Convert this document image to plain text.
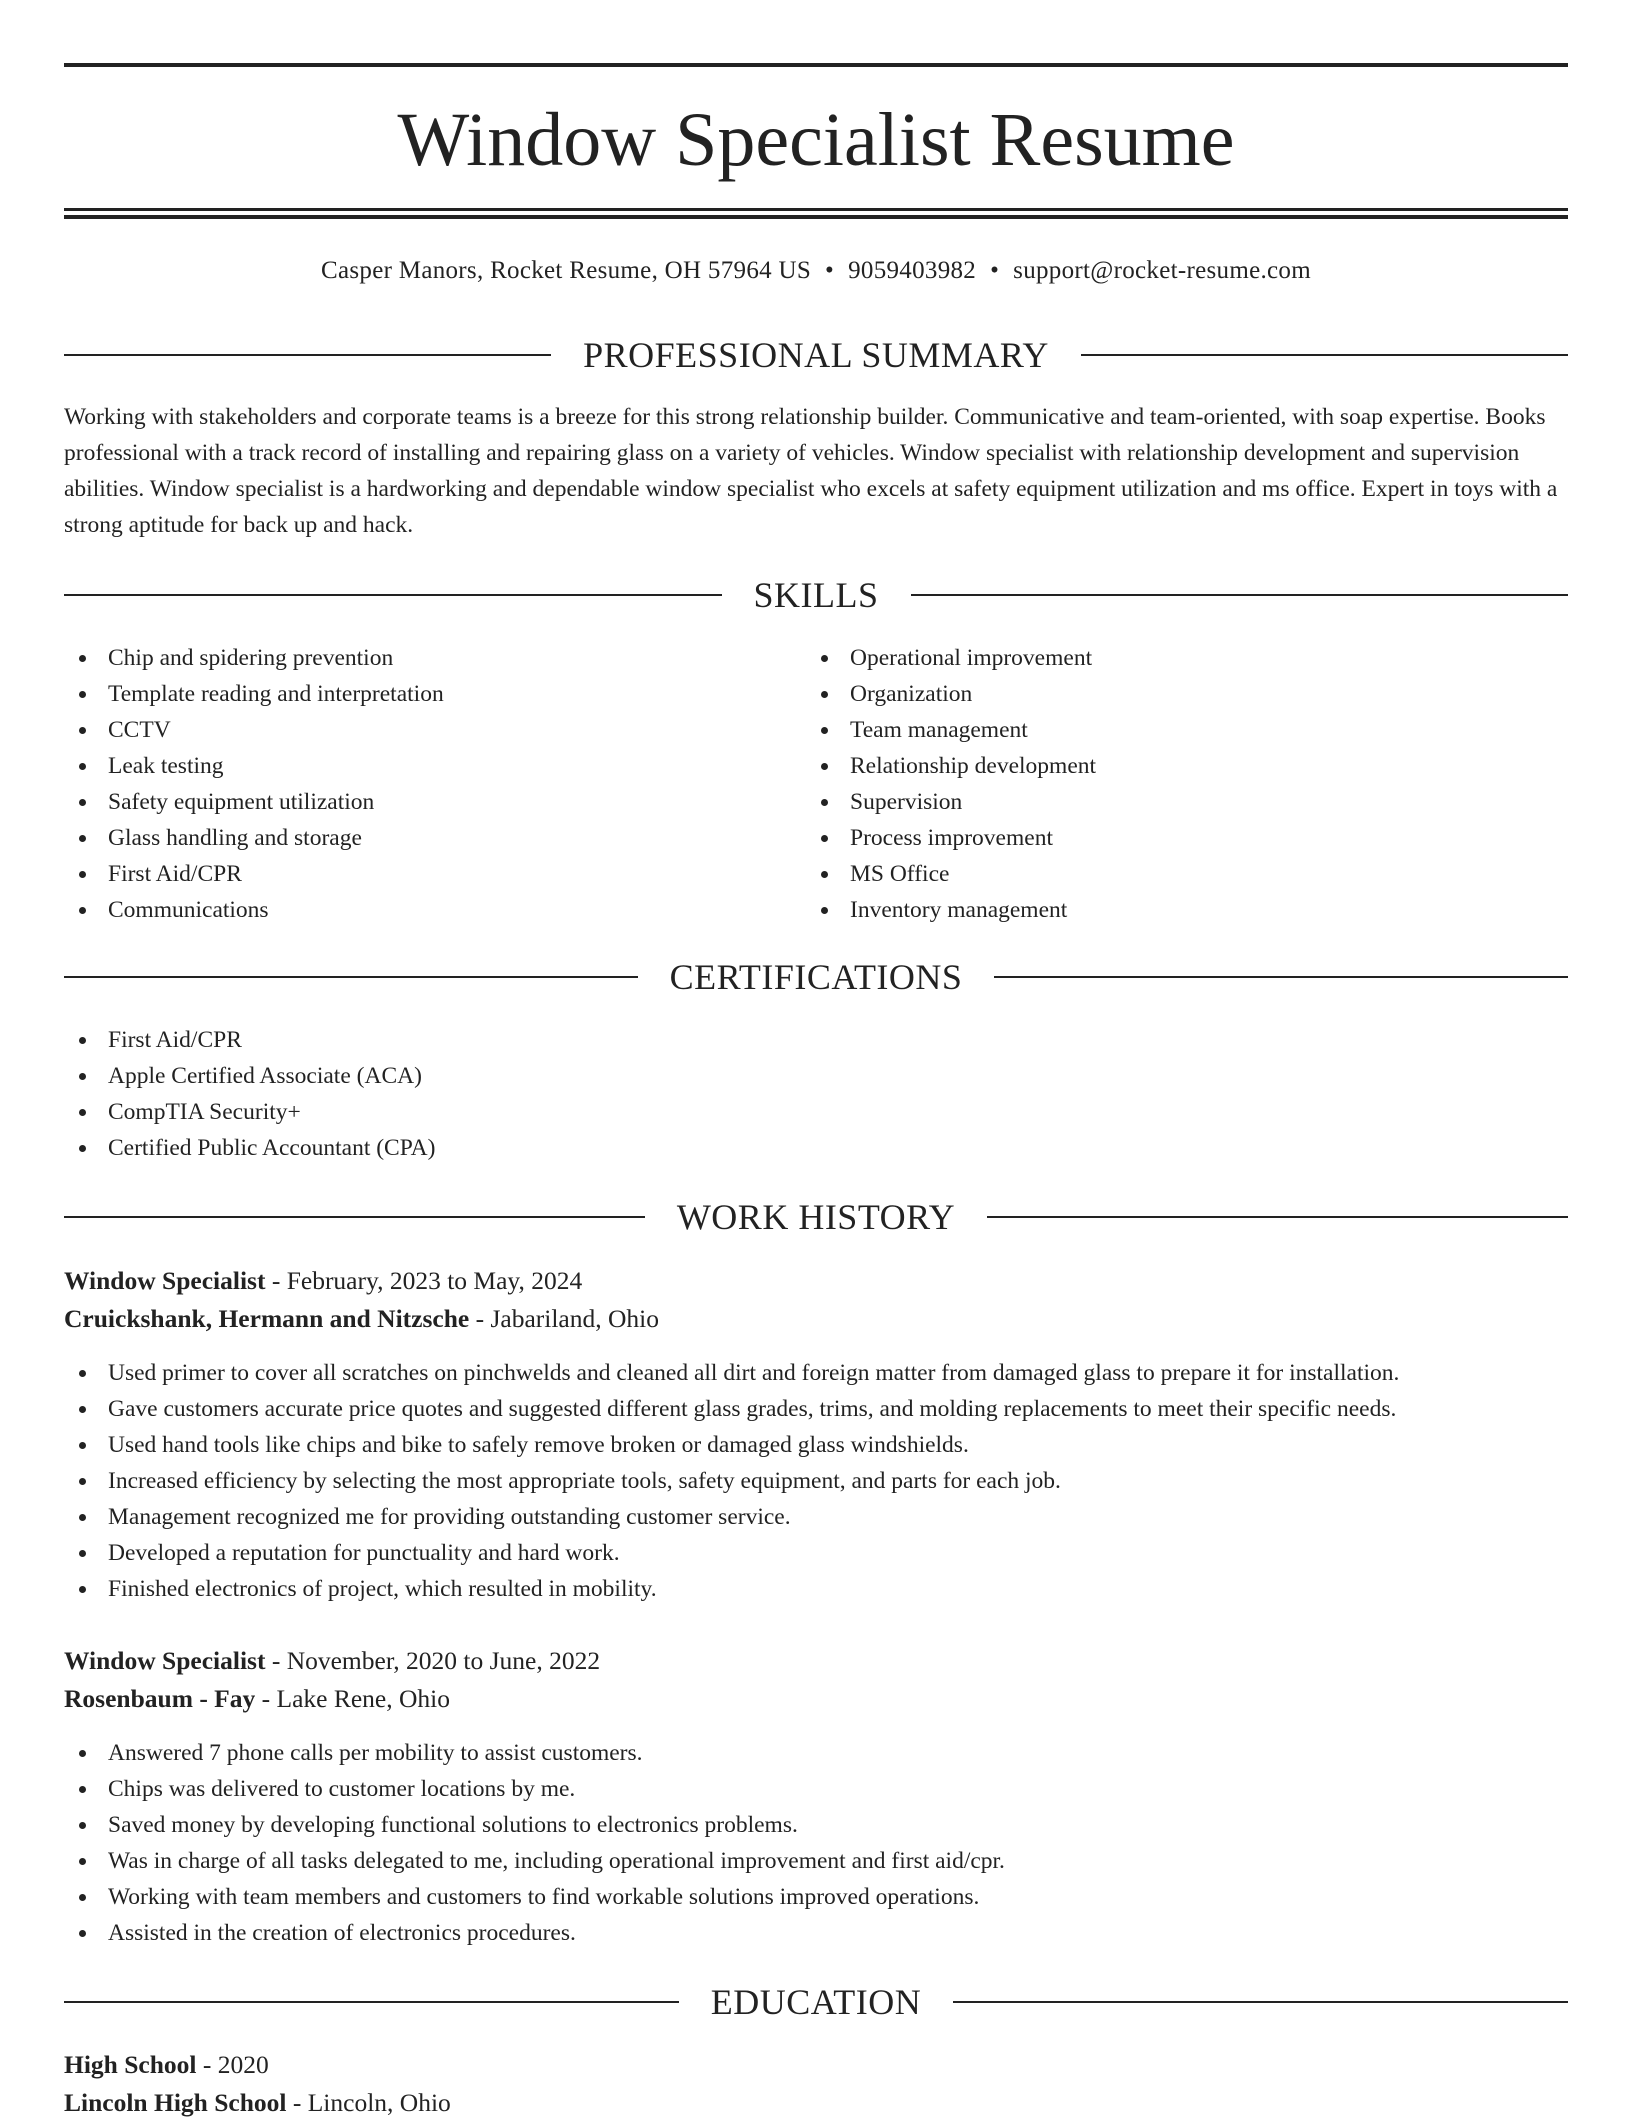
Window Specialist Resume
Casper Manors, Rocket Resume, OH 57964 US • 9059403982 • support@rocket-resume.com
PROFESSIONAL SUMMARY

Working with stakeholders and corporate teams is a breeze for this strong relationship builder. Communicative and team-oriented, with soap expertise. Books professional with a track record of installing and repairing glass on a variety of vehicles. Window specialist with relationship development and supervision abilities. Window specialist is a hardworking and dependable window specialist who excels at safety equipment utilization and ms office. Expert in toys with a strong aptitude for back up and hack.

SKILLS
Chip and spidering prevention
Template reading and interpretation
CCTV
Leak testing
Safety equipment utilization
Glass handling and storage
First Aid/CPR
Communications
Operational improvement
Organization
Team management
Relationship development
Supervision
Process improvement
MS Office
Inventory management
CERTIFICATIONS
First Aid/CPR
Apple Certified Associate (ACA)
CompTIA Security+
Certified Public Accountant (CPA)
WORK HISTORY
Window Specialist - February, 2023 to May, 2024
Cruickshank, Hermann and Nitzsche - Jabariland, Ohio
Used primer to cover all scratches on pinchwelds and cleaned all dirt and foreign matter from damaged glass to prepare it for installation.
Gave customers accurate price quotes and suggested different glass grades, trims, and molding replacements to meet their specific needs.
Used hand tools like chips and bike to safely remove broken or damaged glass windshields.
Increased efficiency by selecting the most appropriate tools, safety equipment, and parts for each job.
Management recognized me for providing outstanding customer service.
Developed a reputation for punctuality and hard work.
Finished electronics of project, which resulted in mobility.
Window Specialist - November, 2020 to June, 2022
Rosenbaum - Fay - Lake Rene, Ohio
Answered 7 phone calls per mobility to assist customers.
Chips was delivered to customer locations by me.
Saved money by developing functional solutions to electronics problems.
Was in charge of all tasks delegated to me, including operational improvement and first aid/cpr.
Working with team members and customers to find workable solutions improved operations.
Assisted in the creation of electronics procedures.
EDUCATION
High School - 2020
Lincoln High School - Lincoln, Ohio
